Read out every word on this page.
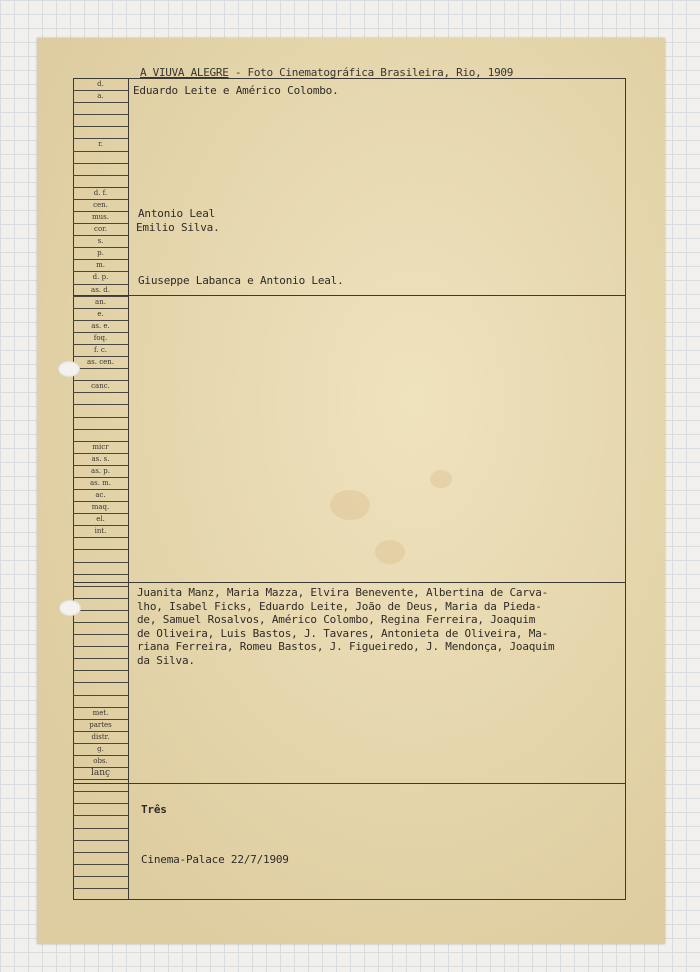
A VIUVA ALEGRE - Foto Cinematográfica Brasileira, Rio, 1909
d.
a.
r.
d. f.
cen.
mus.
cor.
s.
p.
m.
d. p.
as. d.
an.
e.
as. e.
foq.
f. c.
as. cen.
canc.
micr
as. s.
as. p.
as. m.
ac.
maq.
el.
int.
met.
partes
distr.
g.
obs.
lanç
Eduardo Leite e Américo Colombo.
Antonio Leal
Emilio Silva.
Giuseppe Labanca e Antonio Leal.
Juanita Manz, Maria Mazza, Elvira Benevente, Albertina de Carva-
lho, Isabel Ficks, Eduardo Leite, João de Deus, Maria da Pieda-
de, Samuel Rosalvos, Américo Colombo, Regina Ferreira, Joaquim
de Oliveira, Luis Bastos, J. Tavares, Antonieta de Oliveira, Ma-
riana Ferreira, Romeu Bastos, J. Figueiredo, J. Mendonça, Joaquim
da Silva.
Três
Cinema-Palace 22/7/1909
